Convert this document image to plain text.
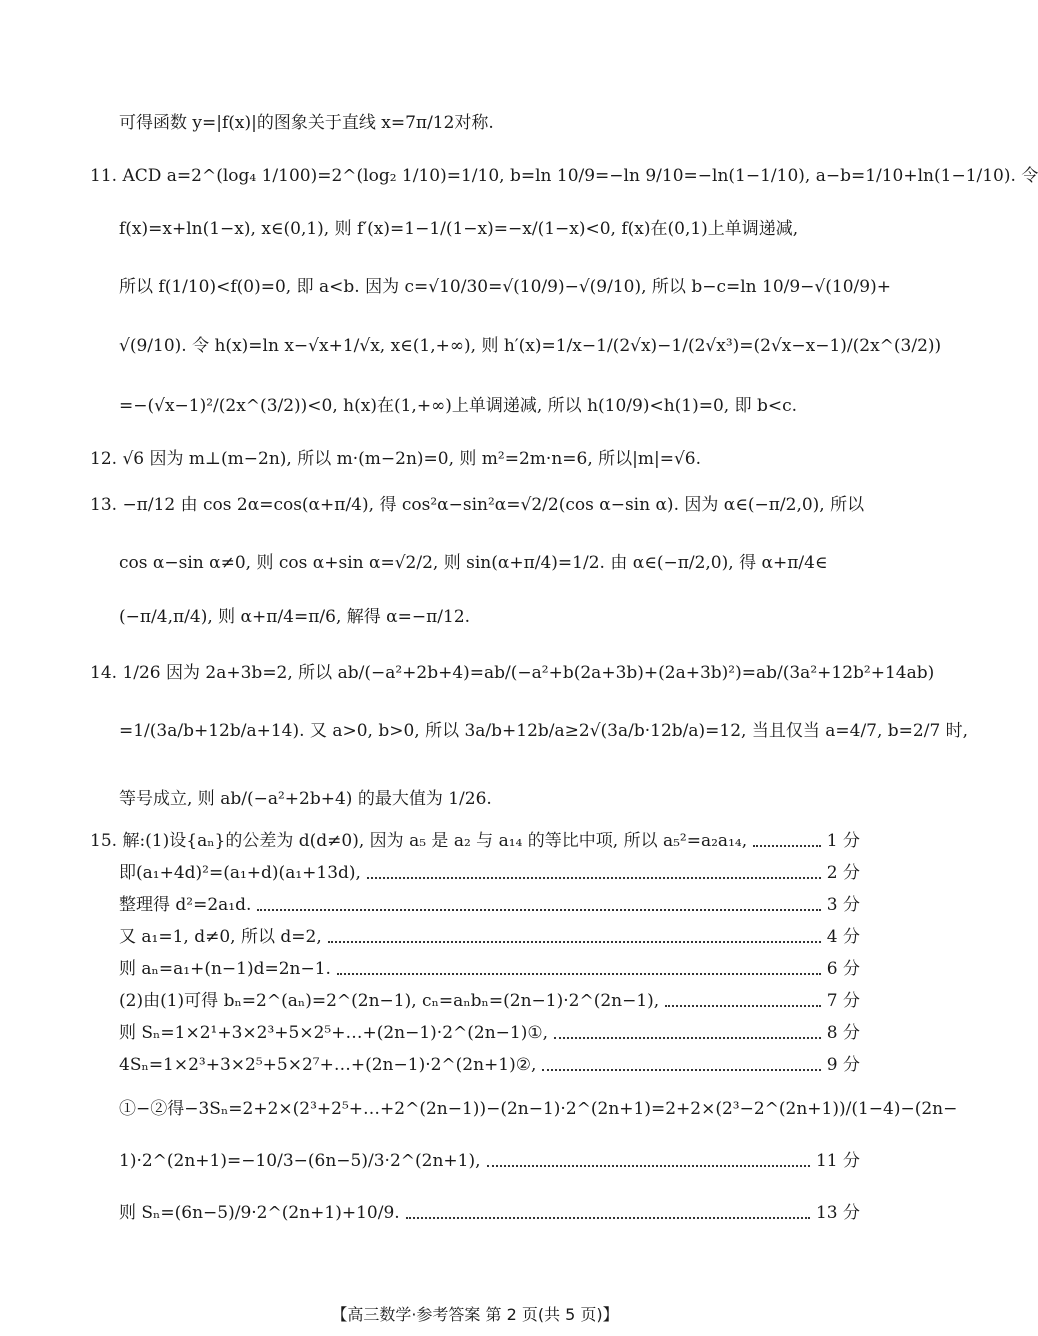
可得函数 y=|f(x)|的图象关于直线 x=7π/12对称.
11. ACD a=2^(log₄ 1/100)=2^(log₂ 1/10)=1/10, b=ln 10/9=−ln 9/10=−ln(1−1/10), a−b=1/10+ln(1−1/10). 令
f(x)=x+ln(1−x), x∈(0,1), 则 f′(x)=1−1/(1−x)=−x/(1−x)<0, f(x)在(0,1)上单调递减,
所以 f(1/10)<f(0)=0, 即 a<b. 因为 c=√10/30=√(10/9)−√(9/10), 所以 b−c=ln 10/9−√(10/9)+
√(9/10). 令 h(x)=ln x−√x+1/√x, x∈(1,+∞), 则 h′(x)=1/x−1/(2√x)−1/(2√x³)=(2√x−x−1)/(2x^(3/2))
=−(√x−1)²/(2x^(3/2))<0, h(x)在(1,+∞)上单调递减, 所以 h(10/9)<h(1)=0, 即 b<c.
12. √6 因为 m⊥(m−2n), 所以 m·(m−2n)=0, 则 m²=2m·n=6, 所以|m|=√6.
13. −π/12 由 cos 2α=cos(α+π/4), 得 cos²α−sin²α=√2/2(cos α−sin α). 因为 α∈(−π/2,0), 所以
cos α−sin α≠0, 则 cos α+sin α=√2/2, 则 sin(α+π/4)=1/2. 由 α∈(−π/2,0), 得 α+π/4∈
(−π/4,π/4), 则 α+π/4=π/6, 解得 α=−π/12.
14. 1/26 因为 2a+3b=2, 所以 ab/(−a²+2b+4)=ab/(−a²+b(2a+3b)+(2a+3b)²)=ab/(3a²+12b²+14ab)
=1/(3a/b+12b/a+14). 又 a>0, b>0, 所以 3a/b+12b/a≥2√(3a/b·12b/a)=12, 当且仅当 a=4/7, b=2/7 时,
等号成立, 则 ab/(−a²+2b+4) 的最大值为 1/26.
15. 解:(1)设{aₙ}的公差为 d(d≠0), 因为 a₅ 是 a₂ 与 a₁₄ 的等比中项, 所以 a₅²=a₂a₁₄,	1 分
即(a₁+4d)²=(a₁+d)(a₁+13d),	2 分
整理得 d²=2a₁d.	3 分
又 a₁=1, d≠0, 所以 d=2,	4 分
则 aₙ=a₁+(n−1)d=2n−1.	6 分
(2)由(1)可得 bₙ=2^(aₙ)=2^(2n−1), cₙ=aₙbₙ=(2n−1)·2^(2n−1),	7 分
则 Sₙ=1×2¹+3×2³+5×2⁵+…+(2n−1)·2^(2n−1)①,	8 分
4Sₙ=1×2³+3×2⁵+5×2⁷+…+(2n−1)·2^(2n+1)②,	9 分
①−②得−3Sₙ=2+2×(2³+2⁵+…+2^(2n−1))−(2n−1)·2^(2n+1)=2+2×(2³−2^(2n+1))/(1−4)−(2n−
1)·2^(2n+1)=−10/3−(6n−5)/3·2^(2n+1),	11 分
则 Sₙ=(6n−5)/9·2^(2n+1)+10/9.	13 分
【高三数学·参考答案 第 2 页(共 5 页)】
